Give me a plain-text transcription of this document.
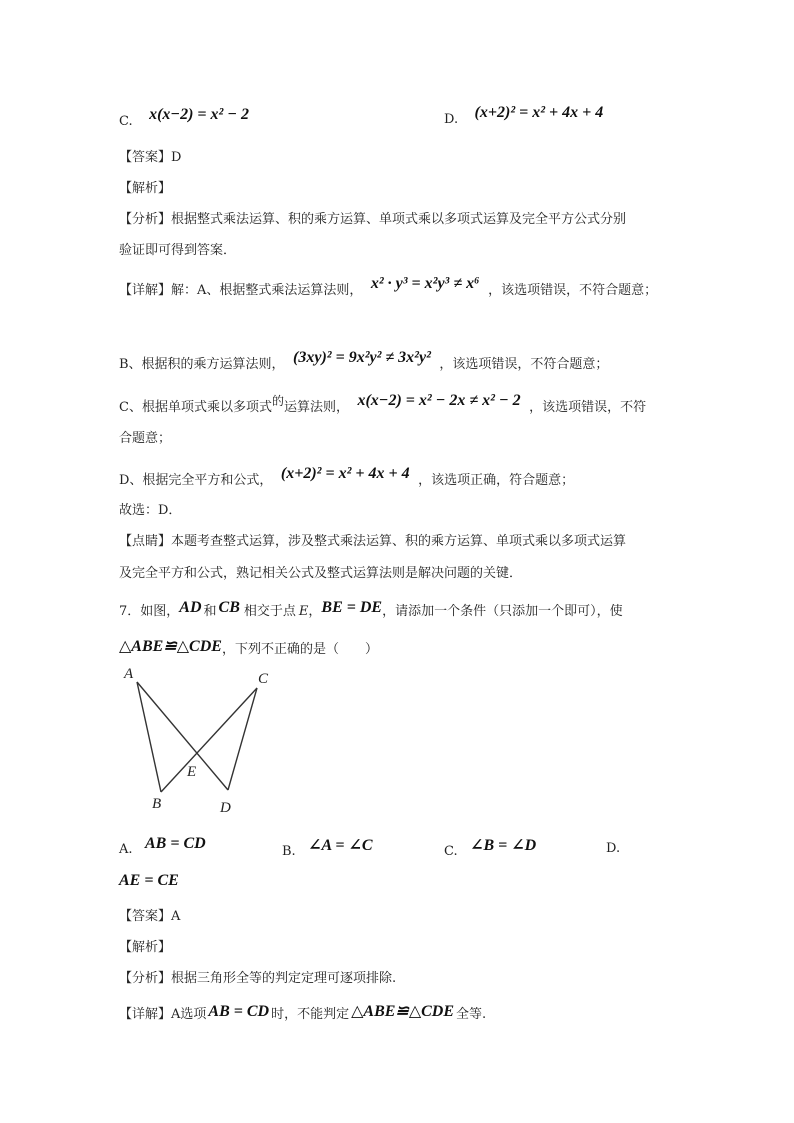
C. x(x−2) = x² − 2	D. (x+2)² = x² + 4x + 4
【答案】D
【解析】
【分析】根据整式乘法运算、积的乘方运算、单项式乘以多项式运算及完全平方公式分别
验证即可得到答案．
【详解】解：A、根据整式乘法运算法则， x² · y³ = x²y³ ≠ x⁶ ，该选项错误，不符合题意；
B、根据积的乘方运算法则， (3xy)² = 9x²y² ≠ 3x²y² ，该选项错误，不符合题意；
C、根据单项式乘以多项式的运算法则， x(x−2) = x² − 2x ≠ x² − 2 ，该选项错误，不符
合题意；
D、根据完全平方和公式， (x+2)² = x² + 4x + 4 ，该选项正确，符合题意；
故选：D．
【点睛】本题考查整式运算，涉及整式乘法运算、积的乘方运算、单项式乘以多项式运算
及完全平方和公式，熟记相关公式及整式运算法则是解决问题的关键．
7．如图，AD 和 CB 相交于点 E，BE = DE，请添加一个条件（只添加一个即可），使
△ABE≌△CDE，下列不正确的是（　　）
A	C
E
B	D
A. AB = CD	B. ∠A = ∠C	C. ∠B = ∠D	D.
AE = CE
【答案】A
【解析】
【分析】根据三角形全等的判定定理可逐项排除.
【详解】A选项 AB = CD 时，不能判定 △ABE≌△CDE 全等.
